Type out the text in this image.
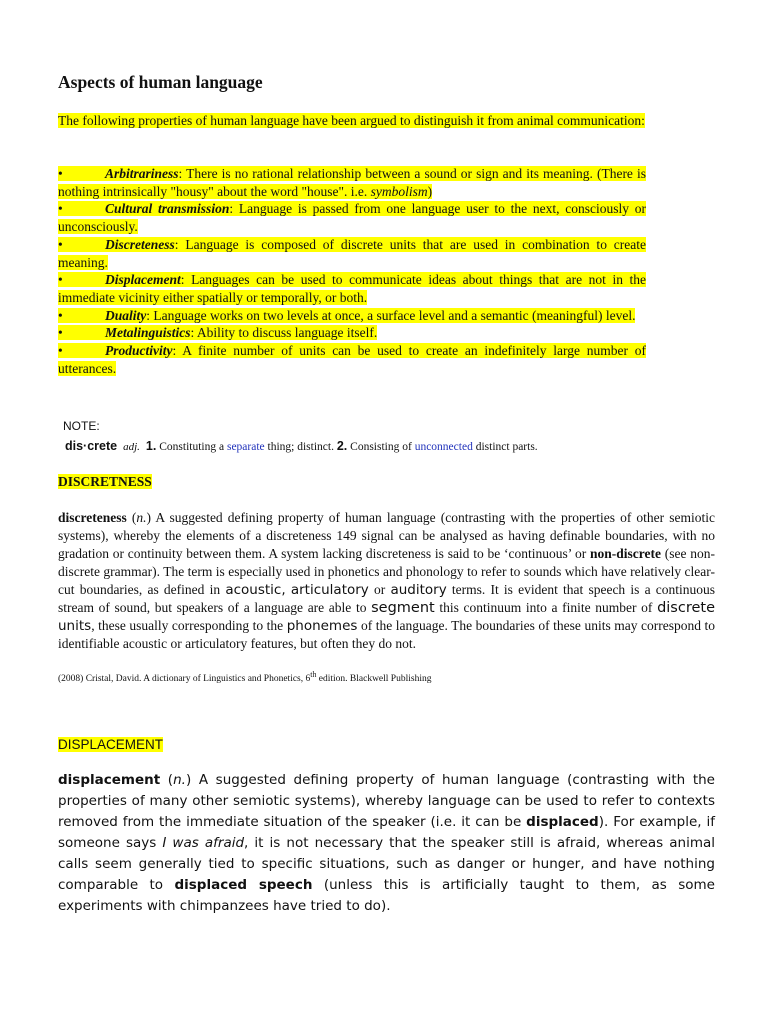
Aspects of human language
The following properties of human language have been argued to distinguish it from animal communication:
•	Arbitrariness: There is no rational relationship between a sound or sign and its meaning. (There is nothing intrinsically "housy" about the word "house". i.e. symbolism)
•	Cultural transmission: Language is passed from one language user to the next, consciously or unconsciously.
•	Discreteness: Language is composed of discrete units that are used in combination to create meaning.
•	Displacement: Languages can be used to communicate ideas about things that are not in the immediate vicinity either spatially or temporally, or both.
•	Duality: Language works on two levels at once, a surface level and a semantic (meaningful) level.
•	Metalinguistics: Ability to discuss language itself.
•	Productivity: A finite number of units can be used to create an indefinitely large number of utterances.
NOTE:
dis·crete adj. 1. Constituting a separate thing; distinct. 2. Consisting of unconnected distinct parts.
DISCRETNESS
discreteness (n.) A suggested defining property of human language (contrasting with the properties of other semiotic systems), whereby the elements of a discreteness 149 signal can be analysed as having definable boundaries, with no gradation or continuity between them. A system lacking discreteness is said to be ‘continuous’ or non-discrete (see non-discrete grammar). The term is especially used in phonetics and phonology to refer to sounds which have relatively clear-cut boundaries, as defined in acoustic, articulatory or auditory terms. It is evident that speech is a continuous stream of sound, but speakers of a language are able to segment this continuum into a finite number of discrete units, these usually corresponding to the phonemes of the language. The boundaries of these units may correspond to identifiable acoustic or articulatory features, but often they do not.
(2008) Cristal, David. A dictionary of Linguistics and Phonetics, 6th edition. Blackwell Publishing
DISPLACEMENT
displacement (n.) A suggested defining property of human language (contrasting with the properties of many other semiotic systems), whereby language can be used to refer to contexts removed from the immediate situation of the speaker (i.e. it can be displaced). For example, if someone says I was afraid, it is not necessary that the speaker still is afraid, whereas animal calls seem generally tied to specific situations, such as danger or hunger, and have nothing comparable to displaced speech (unless this is artificially taught to them, as some experiments with chimpanzees have tried to do).
